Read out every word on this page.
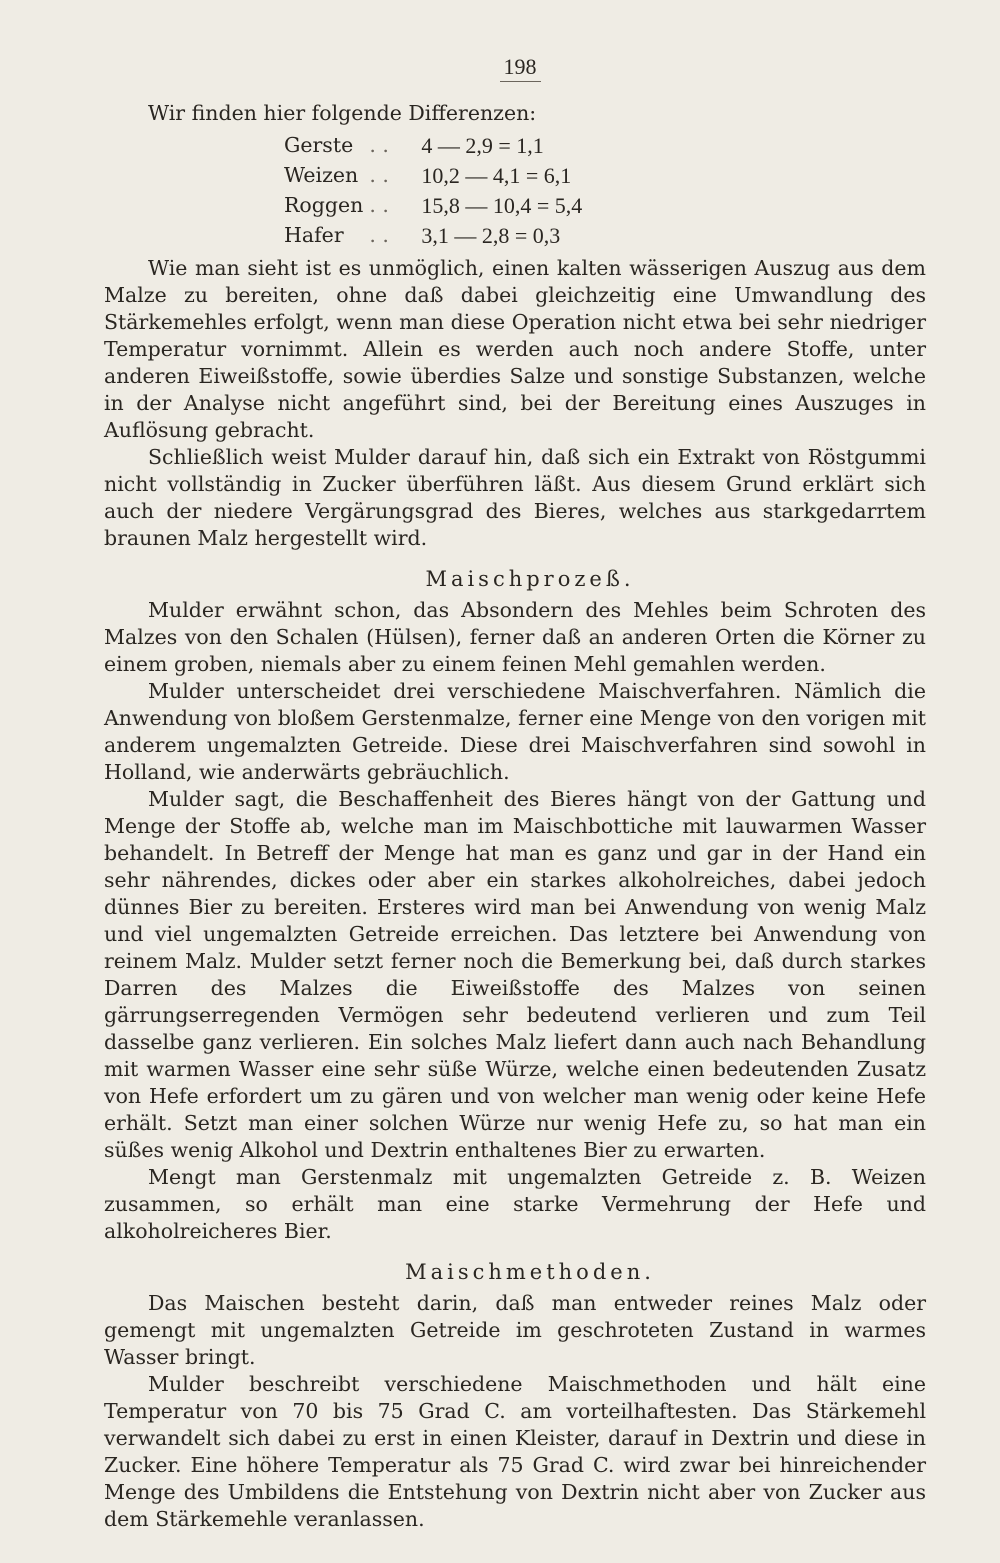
198

Wir finden hier folgende Differenzen:

Gerste	. .	4 — 2,9 = 1,1
Weizen	. .	10,2 — 4,1 = 6,1
Roggen	. .	15,8 — 10,4 = 5,4
Hafer	. .	3,1 — 2,8 = 0,3

Wie man sieht ist es unmöglich, einen kalten wässerigen Auszug aus dem Malze zu bereiten, ohne daß dabei gleichzeitig eine Umwandlung des Stärkemehles erfolgt, wenn man diese Operation nicht etwa bei sehr niedriger Temperatur vornimmt. Allein es werden auch noch andere Stoffe, unter anderen Eiweißstoffe, sowie überdies Salze und sonstige Substanzen, welche in der Analyse nicht angeführt sind, bei der Bereitung eines Auszuges in Auflösung gebracht.

Schließlich weist Mulder darauf hin, daß sich ein Extrakt von Röstgummi nicht vollständig in Zucker überführen läßt. Aus diesem Grund erklärt sich auch der niedere Vergärungsgrad des Bieres, welches aus starkgedarrtem braunen Malz hergestellt wird.

Maischprozeß.

Mulder erwähnt schon, das Absondern des Mehles beim Schroten des Malzes von den Schalen (Hülsen), ferner daß an anderen Orten die Körner zu einem groben, niemals aber zu einem feinen Mehl gemahlen werden.

Mulder unterscheidet drei verschiedene Maischverfahren. Nämlich die Anwendung von bloßem Gerstenmalze, ferner eine Menge von den vorigen mit anderem ungemalzten Getreide. Diese drei Maischverfahren sind sowohl in Holland, wie anderwärts gebräuchlich.

Mulder sagt, die Beschaffenheit des Bieres hängt von der Gattung und Menge der Stoffe ab, welche man im Maischbottiche mit lauwarmen Wasser behandelt. In Betreff der Menge hat man es ganz und gar in der Hand ein sehr nährendes, dickes oder aber ein starkes alkoholreiches, dabei jedoch dünnes Bier zu bereiten. Ersteres wird man bei Anwendung von wenig Malz und viel ungemalzten Getreide erreichen. Das letztere bei Anwendung von reinem Malz. Mulder setzt ferner noch die Bemerkung bei, daß durch starkes Darren des Malzes die Eiweißstoffe des Malzes von seinen gärrungserregenden Vermögen sehr bedeutend verlieren und zum Teil dasselbe ganz verlieren. Ein solches Malz liefert dann auch nach Behandlung mit warmen Wasser eine sehr süße Würze, welche einen bedeutenden Zusatz von Hefe erfordert um zu gären und von welcher man wenig oder keine Hefe erhält. Setzt man einer solchen Würze nur wenig Hefe zu, so hat man ein süßes wenig Alkohol und Dextrin enthaltenes Bier zu erwarten.

Mengt man Gerstenmalz mit ungemalzten Getreide z. B. Weizen zusammen, so erhält man eine starke Vermehrung der Hefe und alkoholreicheres Bier.

Maischmethoden.

Das Maischen besteht darin, daß man entweder reines Malz oder gemengt mit ungemalzten Getreide im geschroteten Zustand in warmes Wasser bringt.

Mulder beschreibt verschiedene Maischmethoden und hält eine Temperatur von 70 bis 75 Grad C. am vorteilhaftesten. Das Stärkemehl verwandelt sich dabei zu erst in einen Kleister, darauf in Dextrin und diese in Zucker. Eine höhere Temperatur als 75 Grad C. wird zwar bei hinreichender Menge des Umbildens die Entstehung von Dextrin nicht aber von Zucker aus dem Stärkemehle veranlassen.
